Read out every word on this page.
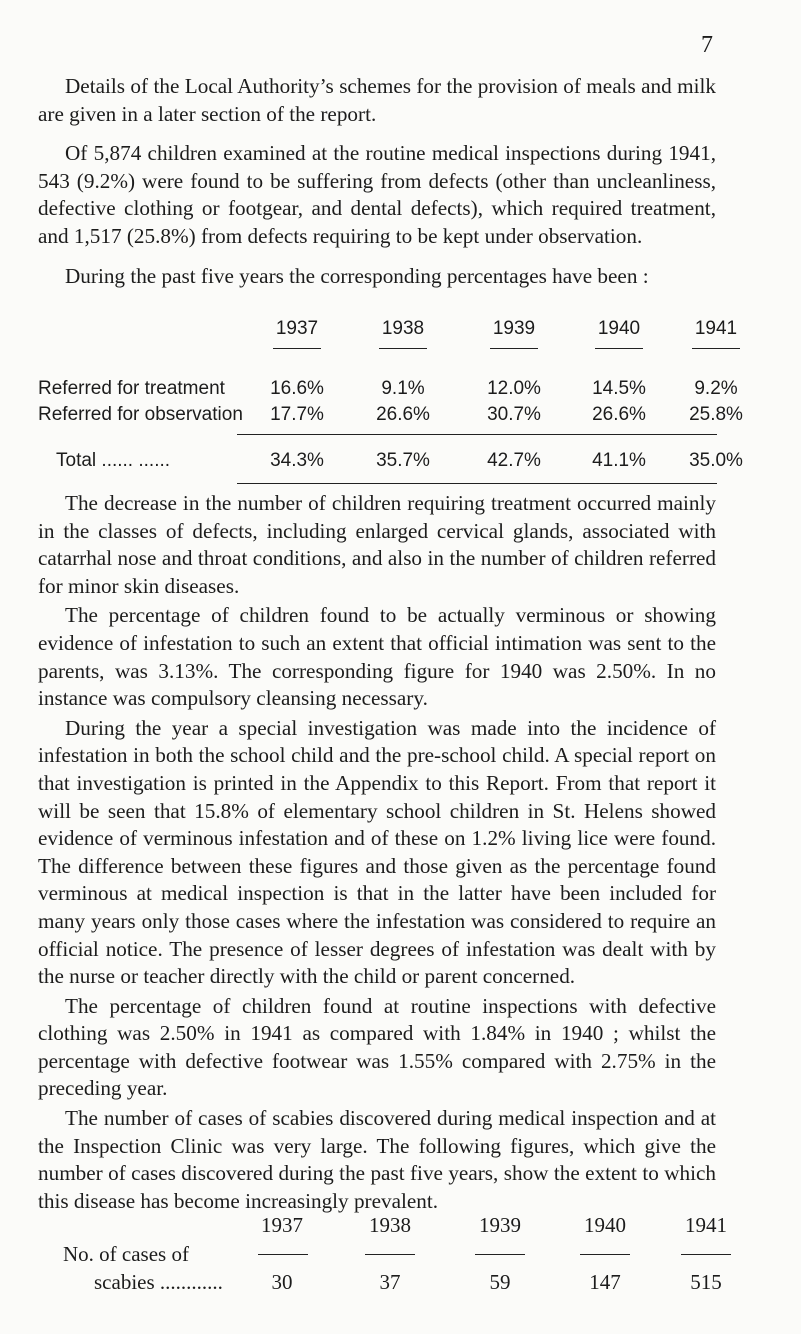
7

Details of the Local Authority’s schemes for the provision of meals and milk are given in a later section of the report.

Of 5,874 children examined at the routine medical inspections during 1941, 543 (9.2%) were found to be suffering from defects (other than uncleanliness, defective clothing or footgear, and dental defects), which required treatment, and 1,517 (25.8%) from defects requiring to be kept under observation.

During the past five years the corresponding percentages have been :

1937	1938	1939	1940	1941
Referred for treatment	16.6%	9.1%	12.0%	14.5%	9.2%
Referred for observation	17.7%	26.6%	30.7%	26.6%	25.8%
Total ...... ......	34.3%	35.7%	42.7%	41.1%	35.0%

The decrease in the number of children requiring treatment occurred mainly in the classes of defects, including enlarged cervical glands, associated with catarrhal nose and throat conditions, and also in the number of children referred for minor skin diseases.

The percentage of children found to be actually verminous or showing evidence of infestation to such an extent that official intimation was sent to the parents, was 3.13%. The corresponding figure for 1940 was 2.50%. In no instance was compulsory cleansing necessary.

During the year a special investigation was made into the incidence of infestation in both the school child and the pre-school child. A special report on that investigation is printed in the Appendix to this Report. From that report it will be seen that 15.8% of elementary school children in St. Helens showed evidence of verminous infestation and of these on 1.2% living lice were found. The difference between these figures and those given as the percentage found verminous at medical inspection is that in the latter have been included for many years only those cases where the infestation was considered to require an official notice. The presence of lesser degrees of infestation was dealt with by the nurse or teacher directly with the child or parent concerned.

The percentage of children found at routine inspections with defective clothing was 2.50% in 1941 as compared with 1.84% in 1940 ; whilst the percentage with defective footwear was 1.55% compared with 2.75% in the preceding year.

The number of cases of scabies discovered during medical inspection and at the Inspection Clinic was very large. The following figures, which give the number of cases discovered during the past five years, show the extent to which this disease has become increasingly prevalent.

1937	1938	1939	1940	1941
No. of cases of
scabies ............	30	37	59	147	515
